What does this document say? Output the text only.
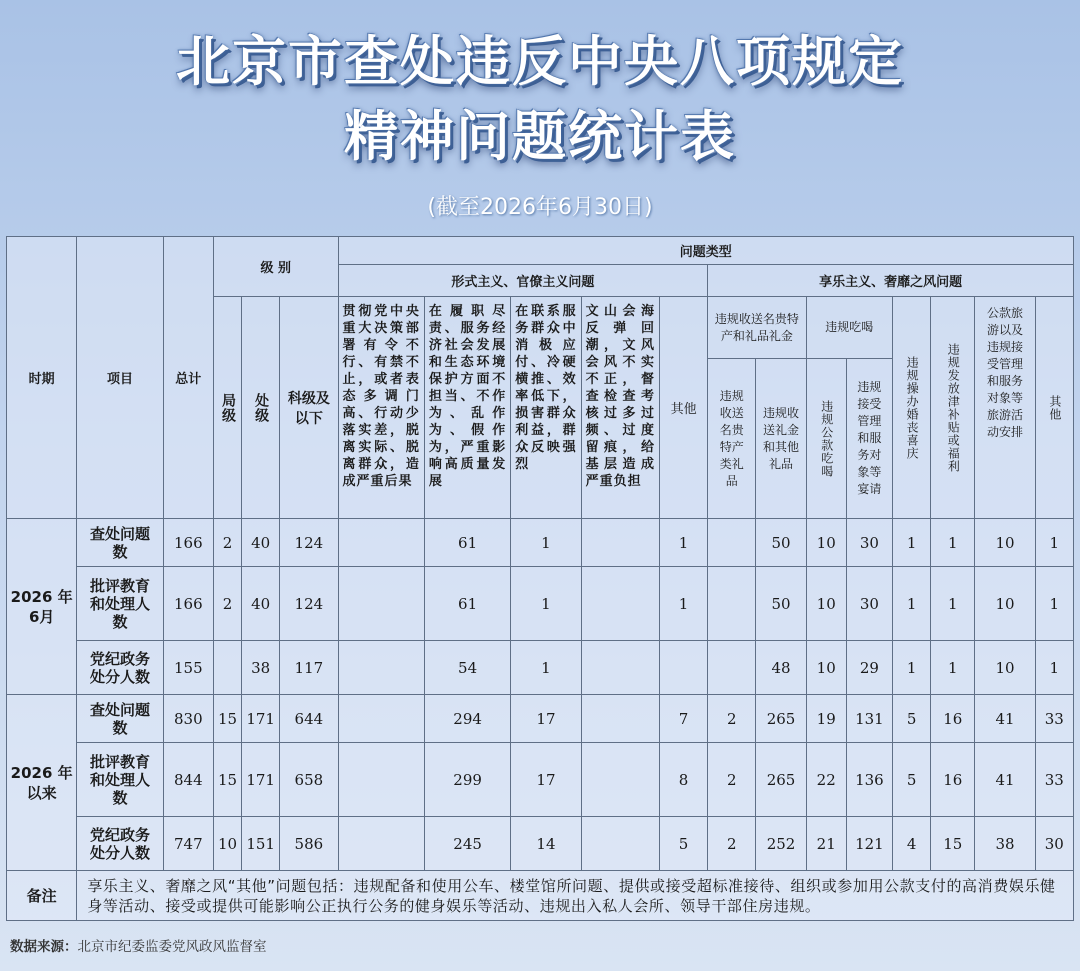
北京市查处违反中央八项规定
精神问题统计表
(截至2026年6月30日)
时期	项目	总计	级 别			问题类型												
						形式主义、官僚主义问题					享乐主义、奢靡之风问题							

			局级	处级	科级及以下	贯彻党中央重大决策部署有令不行、有禁不止，或者表态多调门高、行动少落实差，脱离实际、脱离群众，造成严重后果	在履职尽责、服务经济社会发展和生态环境保护方面不担当、不作为、乱作为、假作为，严重影响高质量发展	在联系服务群众中消极应付、冷硬横推、效率低下，损害群众利益，群众反映强烈	文山会海反弹回潮，文风会风不实不正，督查检查考核过多过频、过度留痕，给基层造成严重负担	其他	违规收送名贵特产和礼品礼金		违规吃喝		违规操办婚丧喜庆	违规发放津补贴或福利	公款旅游以及违规接受管理和服务对象等旅游活动安排	其他

											违规收送名贵特产类礼品	违规收送礼金和其他礼品	违规公款吃喝	违规接受管理和服务对象等宴请				
2026 年
6月	查处问题数	166	2	40	124		61	1		1		50	10	30	1	1	10	1
	批评教育和处理人数	166	2	40	124		61	1		1		50	10	30	1	1	10	1
	党纪政务处分人数	155		38	117		54	1				48	10	29	1	1	10	1
2026 年
以来	查处问题数	830	15	171	644		294	17		7	2	265	19	131	5	16	41	33
	批评教育和处理人数	844	15	171	658		299	17		8	2	265	22	136	5	16	41	33
	党纪政务处分人数	747	10	151	586		245	14		5	2	252	21	121	4	15	38	30
备注	享乐主义、奢靡之风“其他”问题包括：违规配备和使用公车、楼堂馆所问题、提供或接受超标准接待、组织或参加用公款支付的高消费娱乐健身等活动、接受或提供可能影响公正执行公务的健身娱乐等活动、违规出入私人会所、领导干部住房违规。																	
数据来源：北京市纪委监委党风政风监督室
